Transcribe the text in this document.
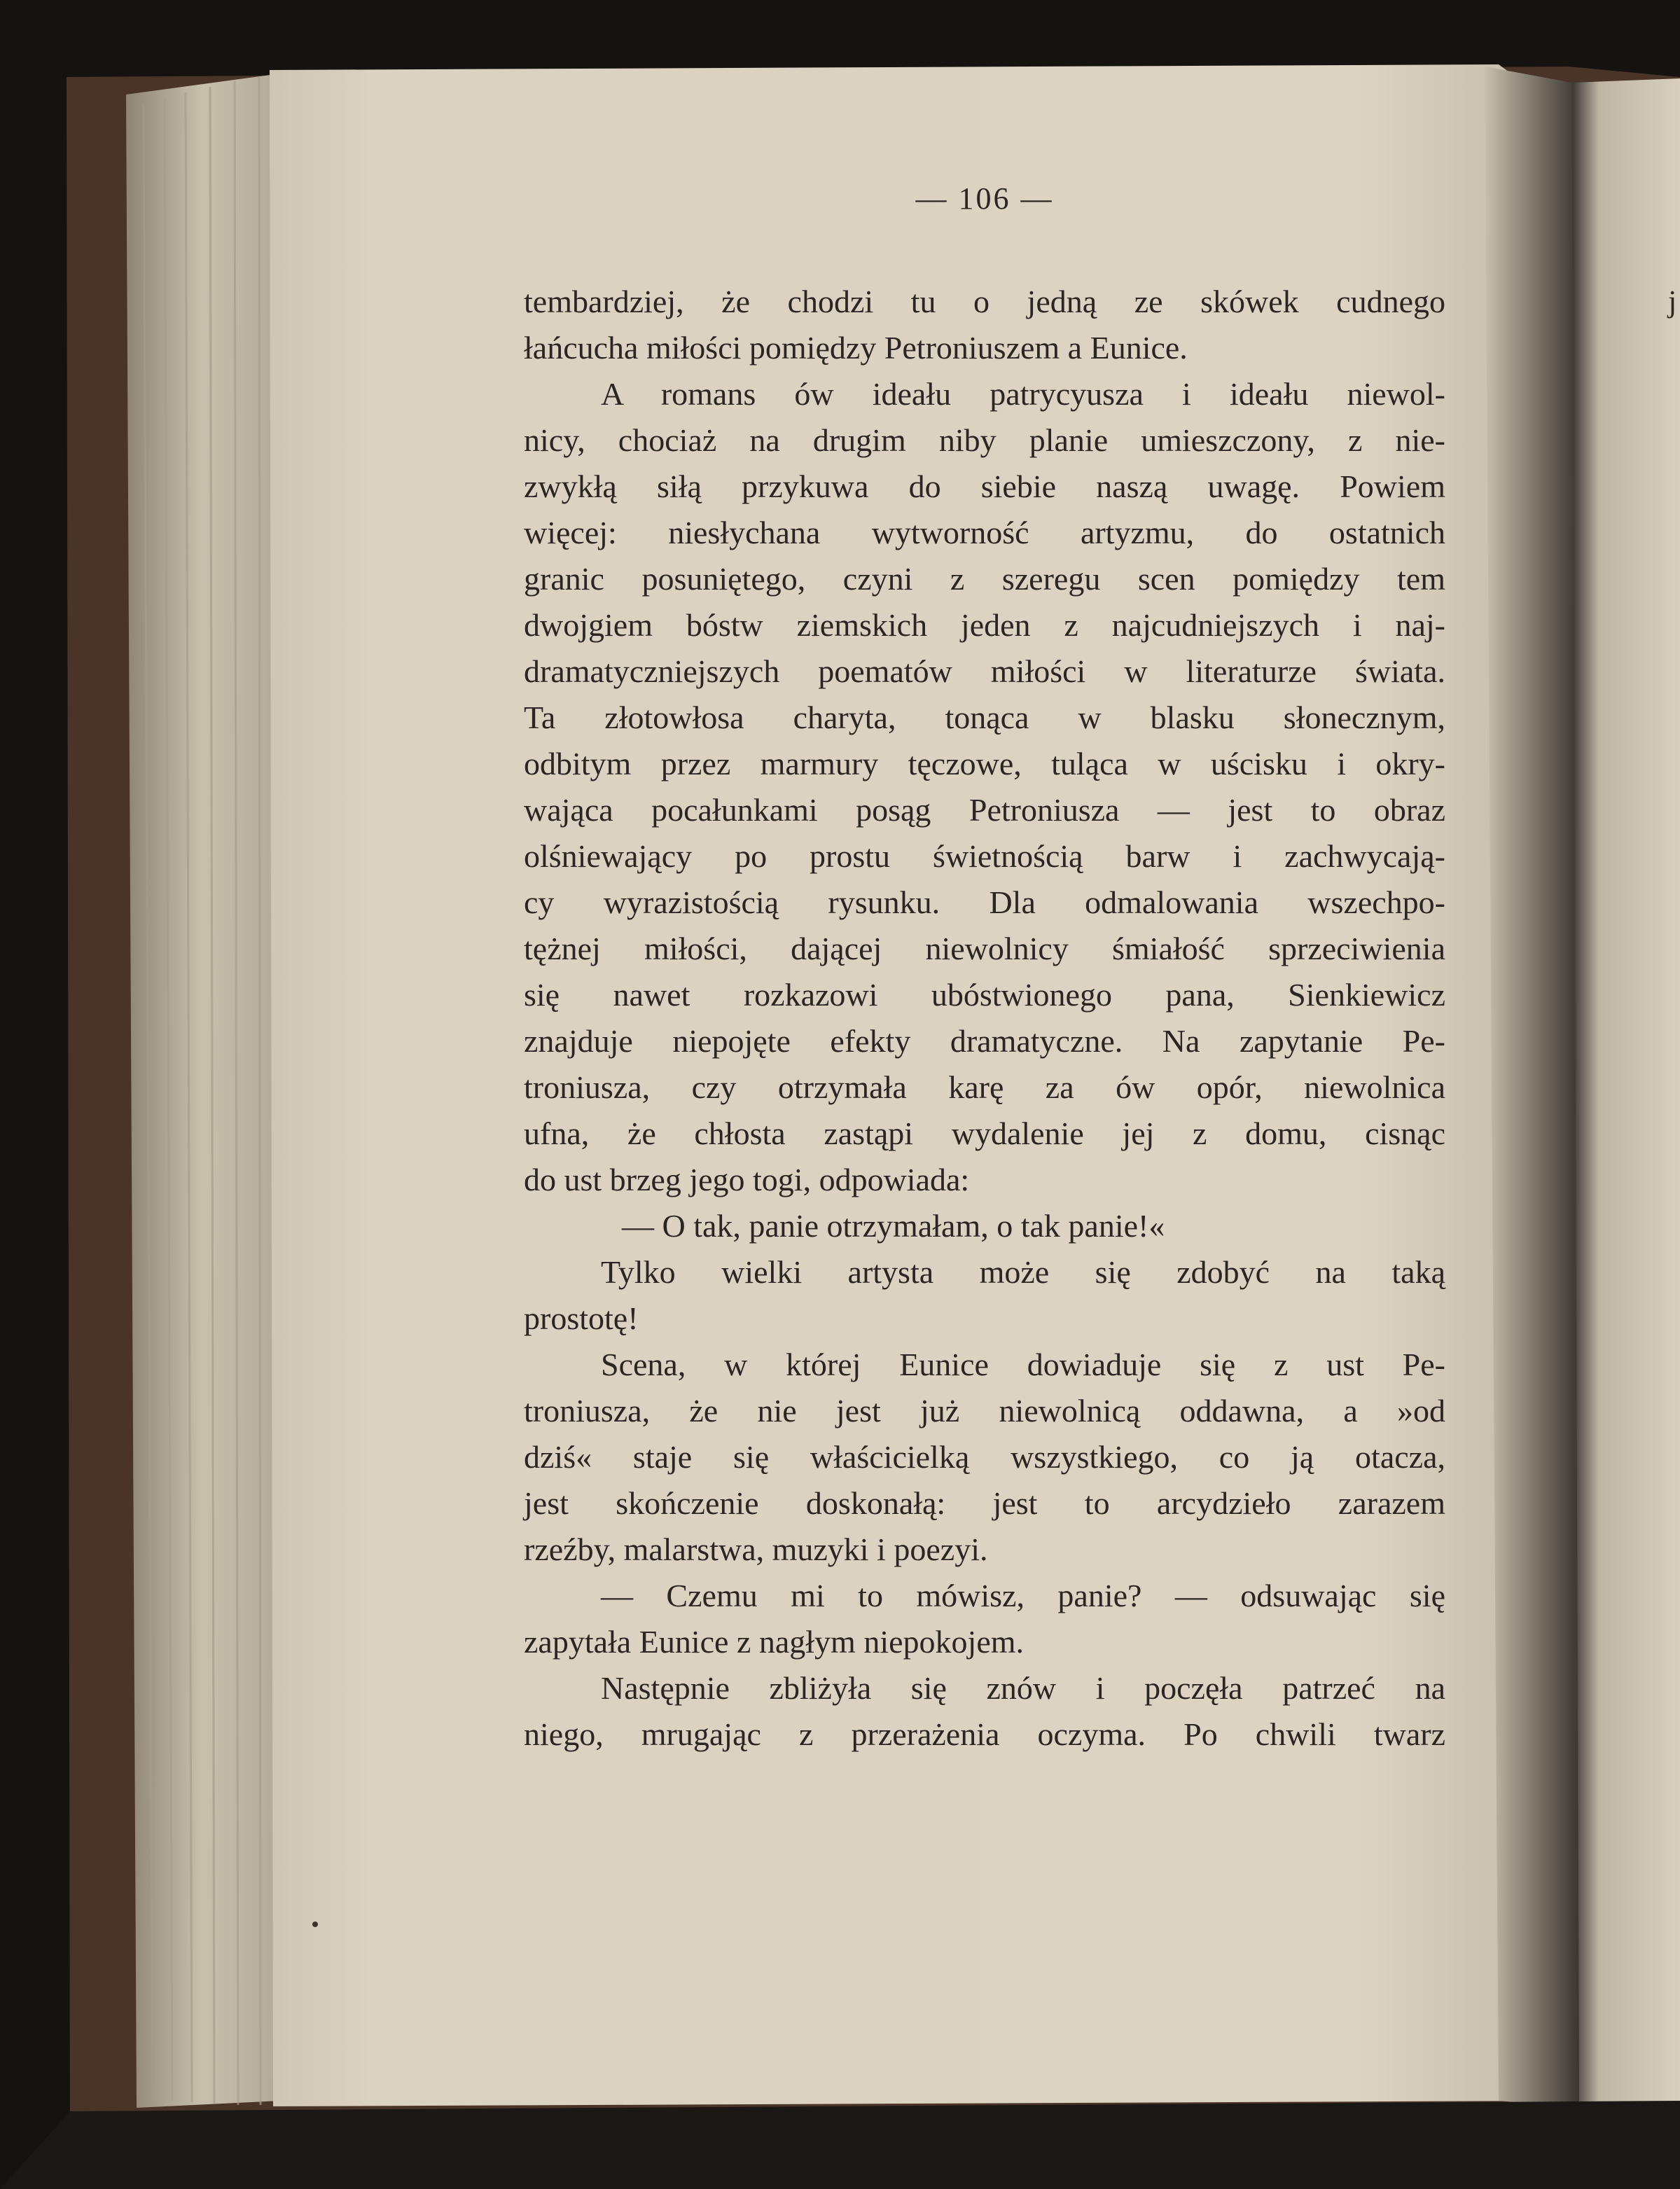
j
— 106 —
tembardziej, że chodzi tu o jedną ze skówek cudnego
łańcucha miłości pomiędzy Petroniuszem a Eunice.
A romans ów ideału patrycyusza i ideału niewol-
nicy, chociaż na drugim niby planie umieszczony, z nie-
zwykłą siłą przykuwa do siebie naszą uwagę. Powiem
więcej: niesłychana wytworność artyzmu, do ostatnich
granic posuniętego, czyni z szeregu scen pomiędzy tem
dwojgiem bóstw ziemskich jeden z najcudniejszych i naj-
dramatyczniejszych poematów miłości w literaturze świata.
Ta złotowłosa charyta, tonąca w blasku słonecznym,
odbitym przez marmury tęczowe, tuląca w uścisku i okry-
wająca pocałunkami posąg Petroniusza — jest to obraz
olśniewający po prostu świetnością barw i zachwycają-
cy wyrazistością rysunku. Dla odmalowania wszechpo-
tężnej miłości, dającej niewolnicy śmiałość sprzeciwienia
się nawet rozkazowi ubóstwionego pana, Sienkiewicz
znajduje niepojęte efekty dramatyczne. Na zapytanie Pe-
troniusza, czy otrzymała karę za ów opór, niewolnica
ufna, że chłosta zastąpi wydalenie jej z domu, cisnąc
do ust brzeg jego togi, odpowiada:
— O tak, panie otrzymałam, o tak panie!«
Tylko wielki artysta może się zdobyć na taką
prostotę!
Scena, w której Eunice dowiaduje się z ust Pe-
troniusza, że nie jest już niewolnicą oddawna, a »od
dziś« staje się właścicielką wszystkiego, co ją otacza,
jest skończenie doskonałą: jest to arcydzieło zarazem
rzeźby, malarstwa, muzyki i poezyi.
— Czemu mi to mówisz, panie? — odsuwając się
zapytała Eunice z nagłym niepokojem.
Następnie zbliżyła się znów i poczęła patrzeć na
niego, mrugając z przerażenia oczyma. Po chwili twarz
